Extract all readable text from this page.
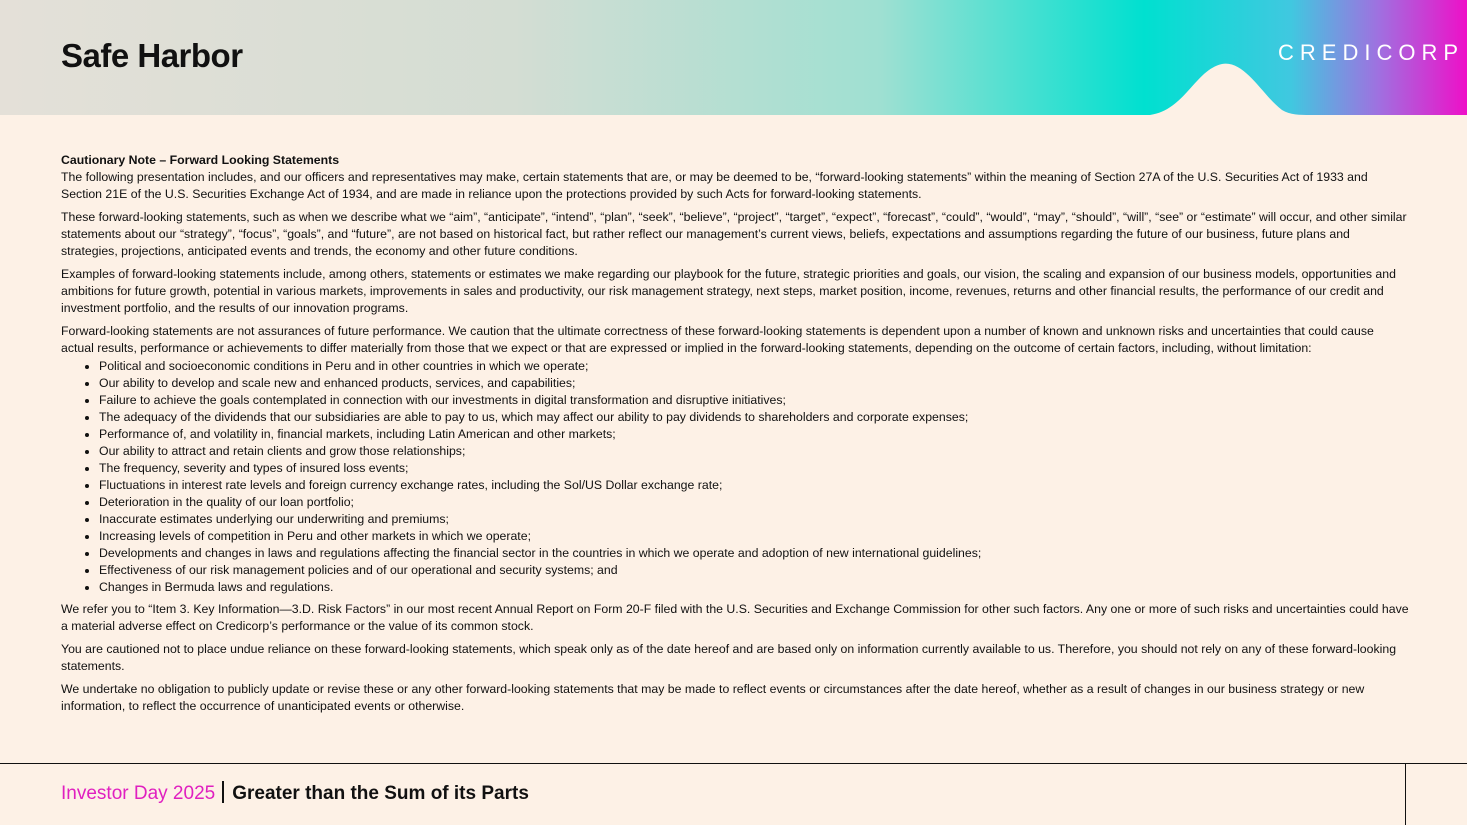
Safe Harbor	CREDICORP

Cautionary Note – Forward Looking Statements

The following presentation includes, and our officers and representatives may make, certain statements that are, or may be deemed to be, “forward-looking statements” within the meaning of Section 27A of the U.S. Securities Act of 1933 and Section 21E of the U.S. Securities Exchange Act of 1934, and are made in reliance upon the protections provided by such Acts for forward-looking statements.

These forward-looking statements, such as when we describe what we “aim”, “anticipate”, “intend”, “plan”, “seek”, “believe”, “project”, “target”, “expect”, “forecast”, “could”, “would”, “may”, “should”, “will”, “see” or “estimate” will occur, and other similar statements about our “strategy”, “focus”, “goals”, and “future”, are not based on historical fact, but rather reflect our management’s current views, beliefs, expectations and assumptions regarding the future of our business, future plans and strategies, projections, anticipated events and trends, the economy and other future conditions.

Examples of forward-looking statements include, among others, statements or estimates we make regarding our playbook for the future, strategic priorities and goals, our vision, the scaling and expansion of our business models, opportunities and ambitions for future growth, potential in various markets, improvements in sales and productivity, our risk management strategy, next steps, market position, income, revenues, returns and other financial results, the performance of our credit and investment portfolio, and the results of our innovation programs.

Forward-looking statements are not assurances of future performance. We caution that the ultimate correctness of these forward-looking statements is dependent upon a number of known and unknown risks and uncertainties that could cause actual results, performance or achievements to differ materially from those that we expect or that are expressed or implied in the forward-looking statements, depending on the outcome of certain factors, including, without limitation:

• Political and socioeconomic conditions in Peru and in other countries in which we operate;
• Our ability to develop and scale new and enhanced products, services, and capabilities;
• Failure to achieve the goals contemplated in connection with our investments in digital transformation and disruptive initiatives;
• The adequacy of the dividends that our subsidiaries are able to pay to us, which may affect our ability to pay dividends to shareholders and corporate expenses;
• Performance of, and volatility in, financial markets, including Latin American and other markets;
• Our ability to attract and retain clients and grow those relationships;
• The frequency, severity and types of insured loss events;
• Fluctuations in interest rate levels and foreign currency exchange rates, including the Sol/US Dollar exchange rate;
• Deterioration in the quality of our loan portfolio;
• Inaccurate estimates underlying our underwriting and premiums;
• Increasing levels of competition in Peru and other markets in which we operate;
• Developments and changes in laws and regulations affecting the financial sector in the countries in which we operate and adoption of new international guidelines;
• Effectiveness of our risk management policies and of our operational and security systems; and
• Changes in Bermuda laws and regulations.

We refer you to “Item 3. Key Information—3.D. Risk Factors” in our most recent Annual Report on Form 20-F filed with the U.S. Securities and Exchange Commission for other such factors. Any one or more of such risks and uncertainties could have a material adverse effect on Credicorp’s performance or the value of its common stock.

You are cautioned not to place undue reliance on these forward-looking statements, which speak only as of the date hereof and are based only on information currently available to us. Therefore, you should not rely on any of these forward-looking statements.

We undertake no obligation to publicly update or revise these or any other forward-looking statements that may be made to reflect events or circumstances after the date hereof, whether as a result of changes in our business strategy or new information, to reflect the occurrence of unanticipated events or otherwise.

Investor Day 2025 Greater than the Sum of its Parts
